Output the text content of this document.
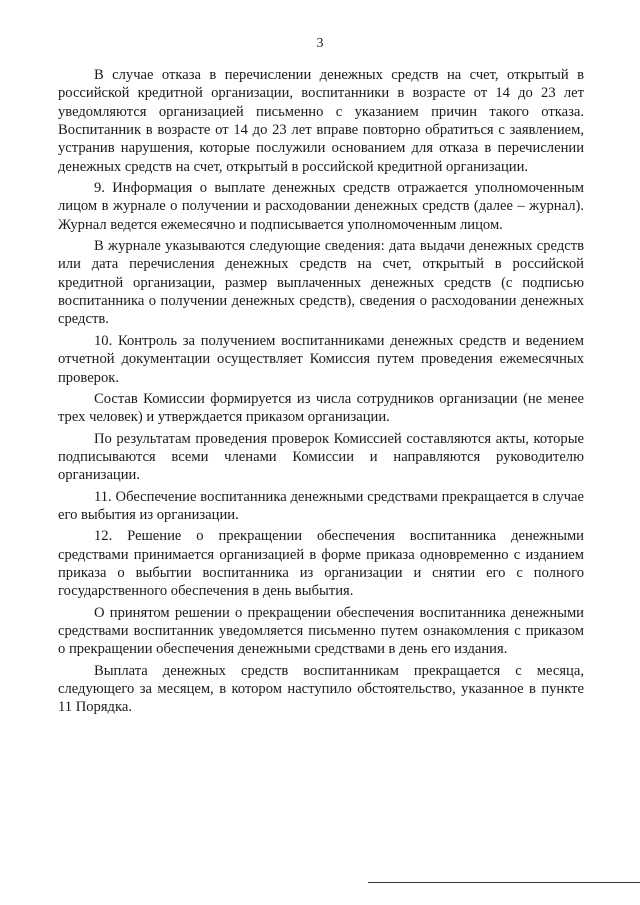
3

В случае отказа в перечислении денежных средств на счет, открытый в российской кредитной организации, воспитанники в возрасте от 14 до 23 лет уведомляются организацией письменно с указанием причин такого отказа. Воспитанник в возрасте от 14 до 23 лет вправе повторно обратиться с заявлением, устранив нарушения, которые послужили основанием для отказа в перечислении денежных средств на счет, открытый в российской кредитной организации.

9. Информация о выплате денежных средств отражается уполномоченным лицом в журнале о получении и расходовании денежных средств (далее – журнал). Журнал ведется ежемесячно и подписывается уполномоченным лицом.

В журнале указываются следующие сведения: дата выдачи денежных средств или дата перечисления денежных средств на счет, открытый в российской кредитной организации, размер выплаченных денежных средств (с подписью воспитанника о получении денежных средств), сведения о расходовании денежных средств.

10. Контроль за получением воспитанниками денежных средств и ведением отчетной документации осуществляет Комиссия путем проведения ежемесячных проверок.

Состав Комиссии формируется из числа сотрудников организации (не менее трех человек) и утверждается приказом организации.

По результатам проведения проверок Комиссией составляются акты, которые подписываются всеми членами Комиссии и направляются руководителю организации.

11. Обеспечение воспитанника денежными средствами прекращается в случае его выбытия из организации.

12. Решение о прекращении обеспечения воспитанника денежными средствами принимается организацией в форме приказа одновременно с изданием приказа о выбытии воспитанника из организации и снятии его с полного государственного обеспечения в день выбытия.

О принятом решении о прекращении обеспечения воспитанника денежными средствами воспитанник уведомляется письменно путем ознакомления с приказом о прекращении обеспечения денежными средствами в день его издания.

Выплата денежных средств воспитанникам прекращается с месяца, следующего за месяцем, в котором наступило обстоятельство, указанное в пункте 11 Порядка.
